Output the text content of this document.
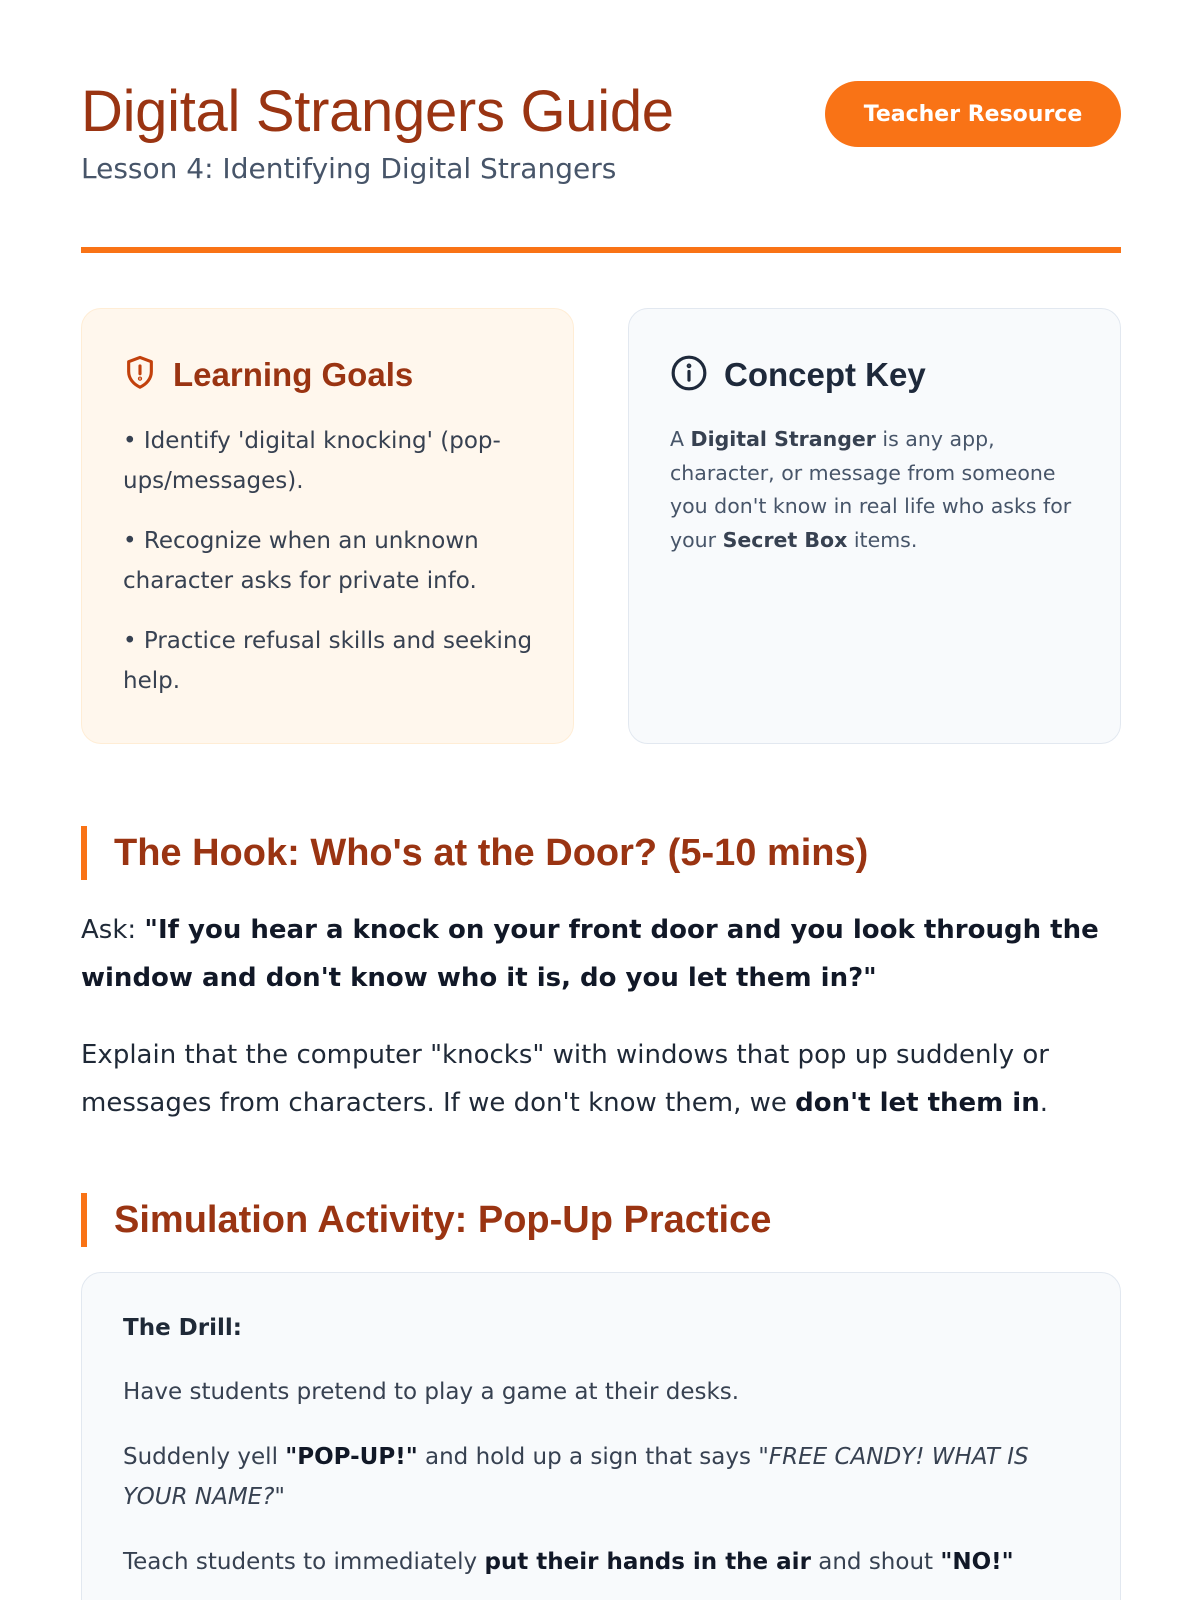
Digital Strangers Guide
Lesson 4: Identifying Digital Strangers
Teacher Resource
Learning Goals
• Identify 'digital knocking' (pop-ups/messages).
• Recognize when an unknown character asks for private info.
• Practice refusal skills and seeking help.
Concept Key

A Digital Stranger is any app, character, or message from someone you don't know in real life who asks for your Secret Box items.

The Hook: Who's at the Door? (5-10 mins)

Ask: "If you hear a knock on your front door and you look through the window and don't know who it is, do you let them in?"

Explain that the computer "knocks" with windows that pop up suddenly or messages from characters. If we don't know them, we don't let them in.

Simulation Activity: Pop-Up Practice
The Drill:

Have students pretend to play a game at their desks.

Suddenly yell "POP-UP!" and hold up a sign that says "FREE CANDY! WHAT IS YOUR NAME?"

Teach students to immediately put their hands in the air and shout "NO!"
